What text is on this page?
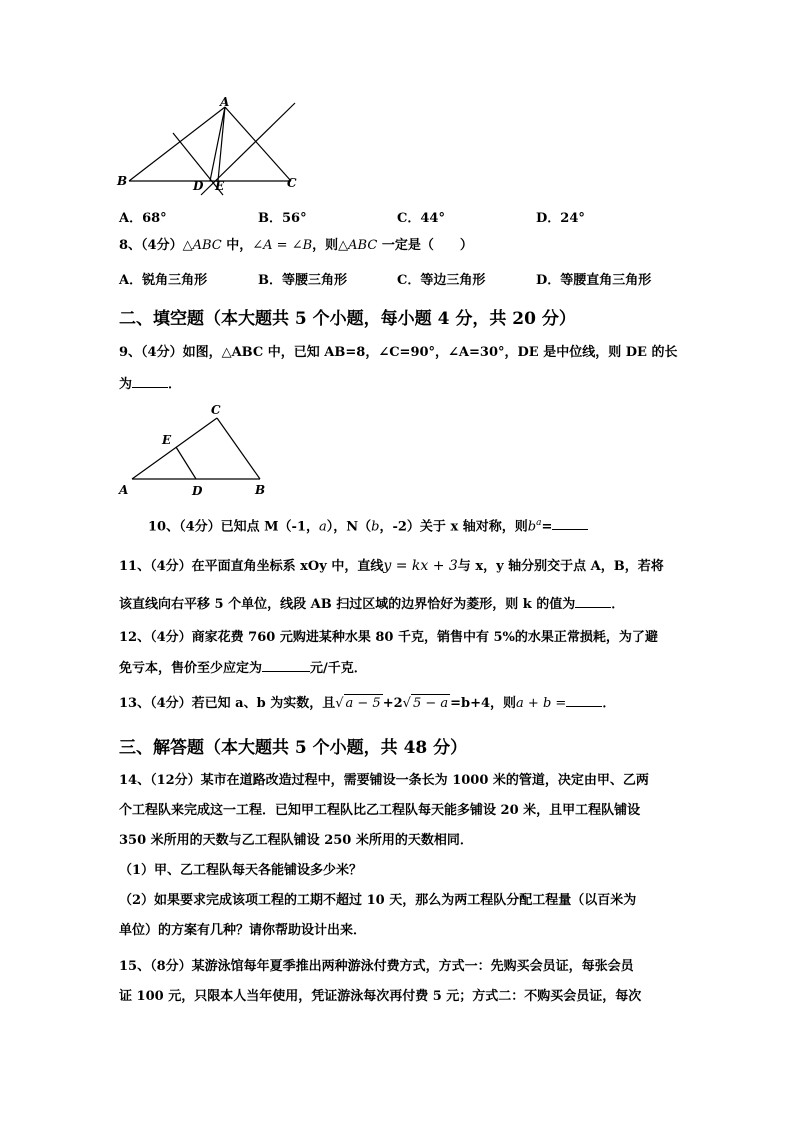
A
B	C
D E
A．68°	B．56°	C．44°	D．24°
8、（4分）△ABC 中，∠A = ∠B，则△ABC 一定是（　　）
A．锐角三角形	B．等腰三角形	C．等边三角形	D．等腰直角三角形
二、填空题（本大题共 5 个小题，每小题 4 分，共 20 分）
9、（4分）如图，△ABC 中，已知 AB=8，∠C=90°，∠A=30°，DE 是中位线，则 DE 的长
为	．
A	B
C
D
E
10、（4分）已知点 M（-1，a），N（b，-2）关于 x 轴对称，则$b^a=$
11、（4分）在平面直角坐标系 xOy 中，直线y = kx + 3与 x，y 轴分别交于点 A，B，若将
该直线向右平移 5 个单位，线段 AB 扫过区域的边界恰好为菱形，则 k 的值为	．
12、（4分）商家花费 760 元购进某种水果 80 千克，销售中有 5%的水果正常损耗，为了避
免亏本，售价至少应定为	元/千克．
13、（4分）若已知 a、b 为实数，且√ a − 5 +2√ 5 − a =b+4，则a + b =	．
三、解答题（本大题共 5 个小题，共 48 分）
14、（12分）某市在道路改造过程中，需要铺设一条长为 1000 米的管道，决定由甲、乙两
个工程队来完成这一工程．已知甲工程队比乙工程队每天能多铺设 20 米，且甲工程队铺设
350 米所用的天数与乙工程队铺设 250 米所用的天数相同．
（1）甲、乙工程队每天各能铺设多少米？
（2）如果要求完成该项工程的工期不超过 10 天，那么为两工程队分配工程量（以百米为
单位）的方案有几种？请你帮助设计出来．
15、（8分）某游泳馆每年夏季推出两种游泳付费方式，方式一：先购买会员证，每张会员
证 100 元，只限本人当年使用，凭证游泳每次再付费 5 元；方式二：不购买会员证，每次
